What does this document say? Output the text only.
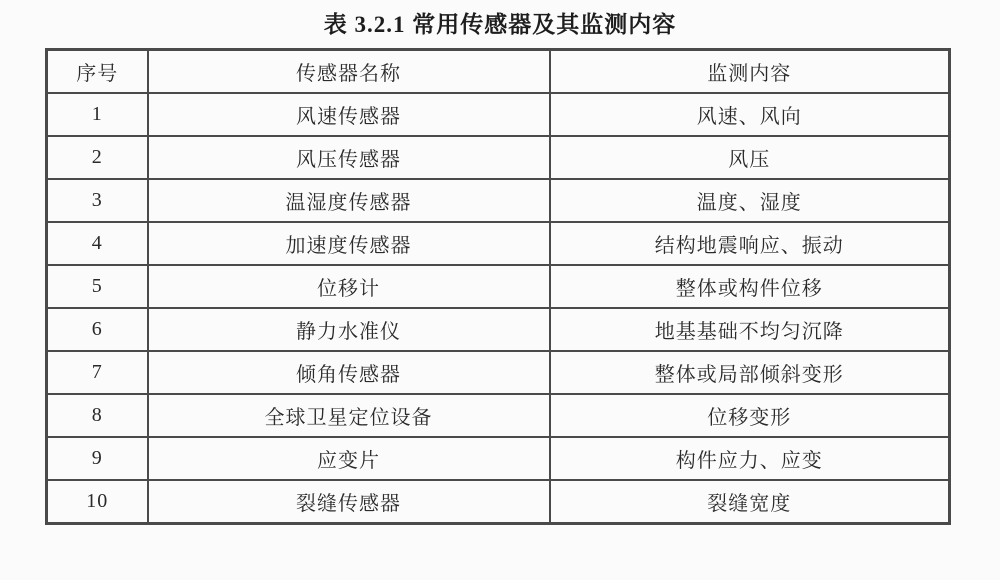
表 3.2.1 常用传感器及其监测内容
序号	传感器名称	监测内容
1	风速传感器	风速、风向
2	风压传感器	风压
3	温湿度传感器	温度、湿度
4	加速度传感器	结构地震响应、振动
5	位移计	整体或构件位移
6	静力水准仪	地基基础不均匀沉降
7	倾角传感器	整体或局部倾斜变形
8	全球卫星定位设备	位移变形
9	应变片	构件应力、应变
10	裂缝传感器	裂缝宽度
